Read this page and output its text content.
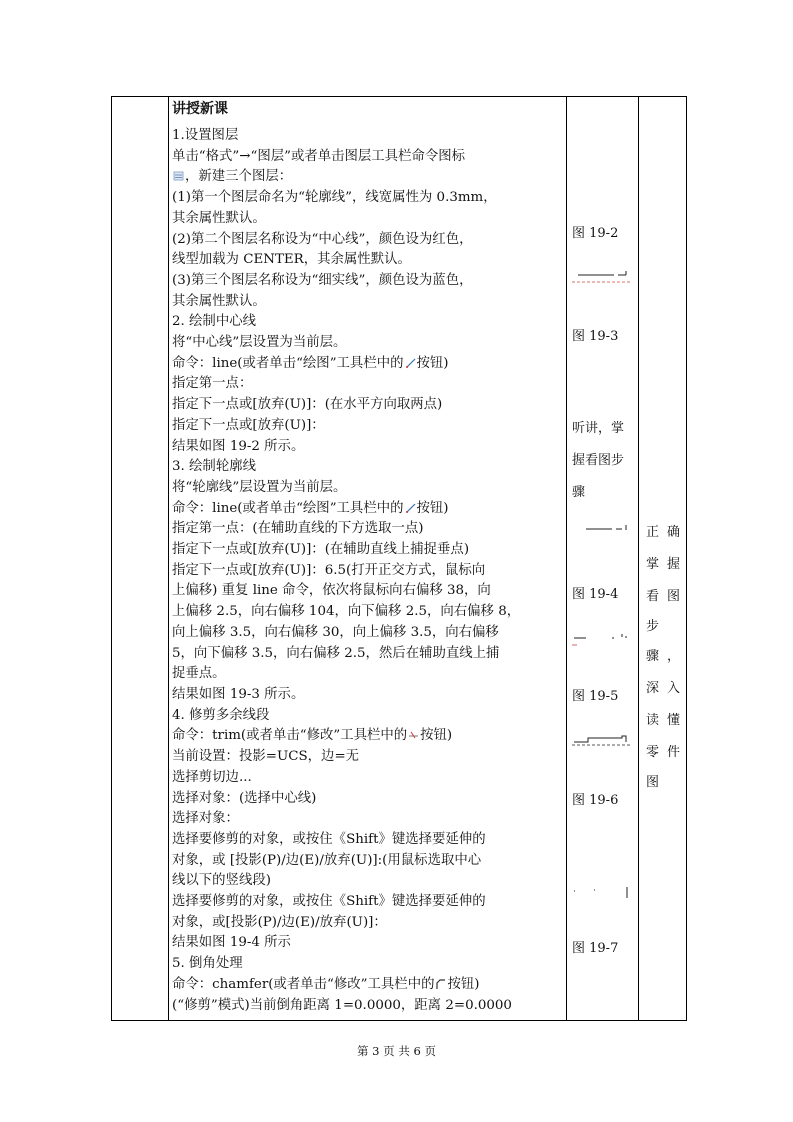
讲授新课
1.设置图层
单击“格式”→“图层”或者单击图层工具栏命令图标
，新建三个图层：
(1)第一个图层命名为“轮廓线”，线宽属性为 0.3mm，
其余属性默认。
(2)第二个图层名称设为“中心线”，颜色设为红色，
线型加载为 CENTER，其余属性默认。
(3)第三个图层名称设为“细实线”，颜色设为蓝色，
其余属性默认。
2. 绘制中心线
将“中心线”层设置为当前层。
命令：line(或者单击“绘图”工具栏中的 按钮)
指定第一点：
指定下一点或[放弃(U)]：(在水平方向取两点)
指定下一点或[放弃(U)]：
结果如图 19-2 所示。
3. 绘制轮廓线
将“轮廓线”层设置为当前层。
命令：line(或者单击“绘图”工具栏中的 按钮)
指定第一点：(在辅助直线的下方选取一点)
指定下一点或[放弃(U)]：(在辅助直线上捕捉垂点)
指定下一点或[放弃(U)]：6.5(打开正交方式，鼠标向
上偏移) 重复 line 命令，依次将鼠标向右偏移 38，向
上偏移 2.5，向右偏移 104，向下偏移 2.5，向右偏移 8，
向上偏移 3.5，向右偏移 30，向上偏移 3.5，向右偏移
5，向下偏移 3.5，向右偏移 2.5，然后在辅助直线上捕
捉垂点。
结果如图 19-3 所示。
4. 修剪多余线段
命令：trim(或者单击“修改”工具栏中的 按钮)
当前设置：投影=UCS，边=无
选择剪切边...
选择对象：(选择中心线)
选择对象：
选择要修剪的对象，或按住《Shift》键选择要延伸的
对象，或 [投影(P)/边(E)/放弃(U)]:(用鼠标选取中心
线以下的竖线段)
选择要修剪的对象，或按住《Shift》键选择要延伸的
对象，或[投影(P)/边(E)/放弃(U)]：
结果如图 19-4 所示
5. 倒角处理
命令：chamfer(或者单击“修改”工具栏中的 按钮)
(“修剪”模式)当前倒角距离 1=0.0000，距离 2=0.0000
图 19-2
图 19-3
听讲，掌
握看图步
骤
图 19-4
图 19-5
图 19-6
图 19-7
正 确
掌 握
看 图
步
骤 ，
深 入
读 懂
零 件
图
第 3 页 共 6 页
